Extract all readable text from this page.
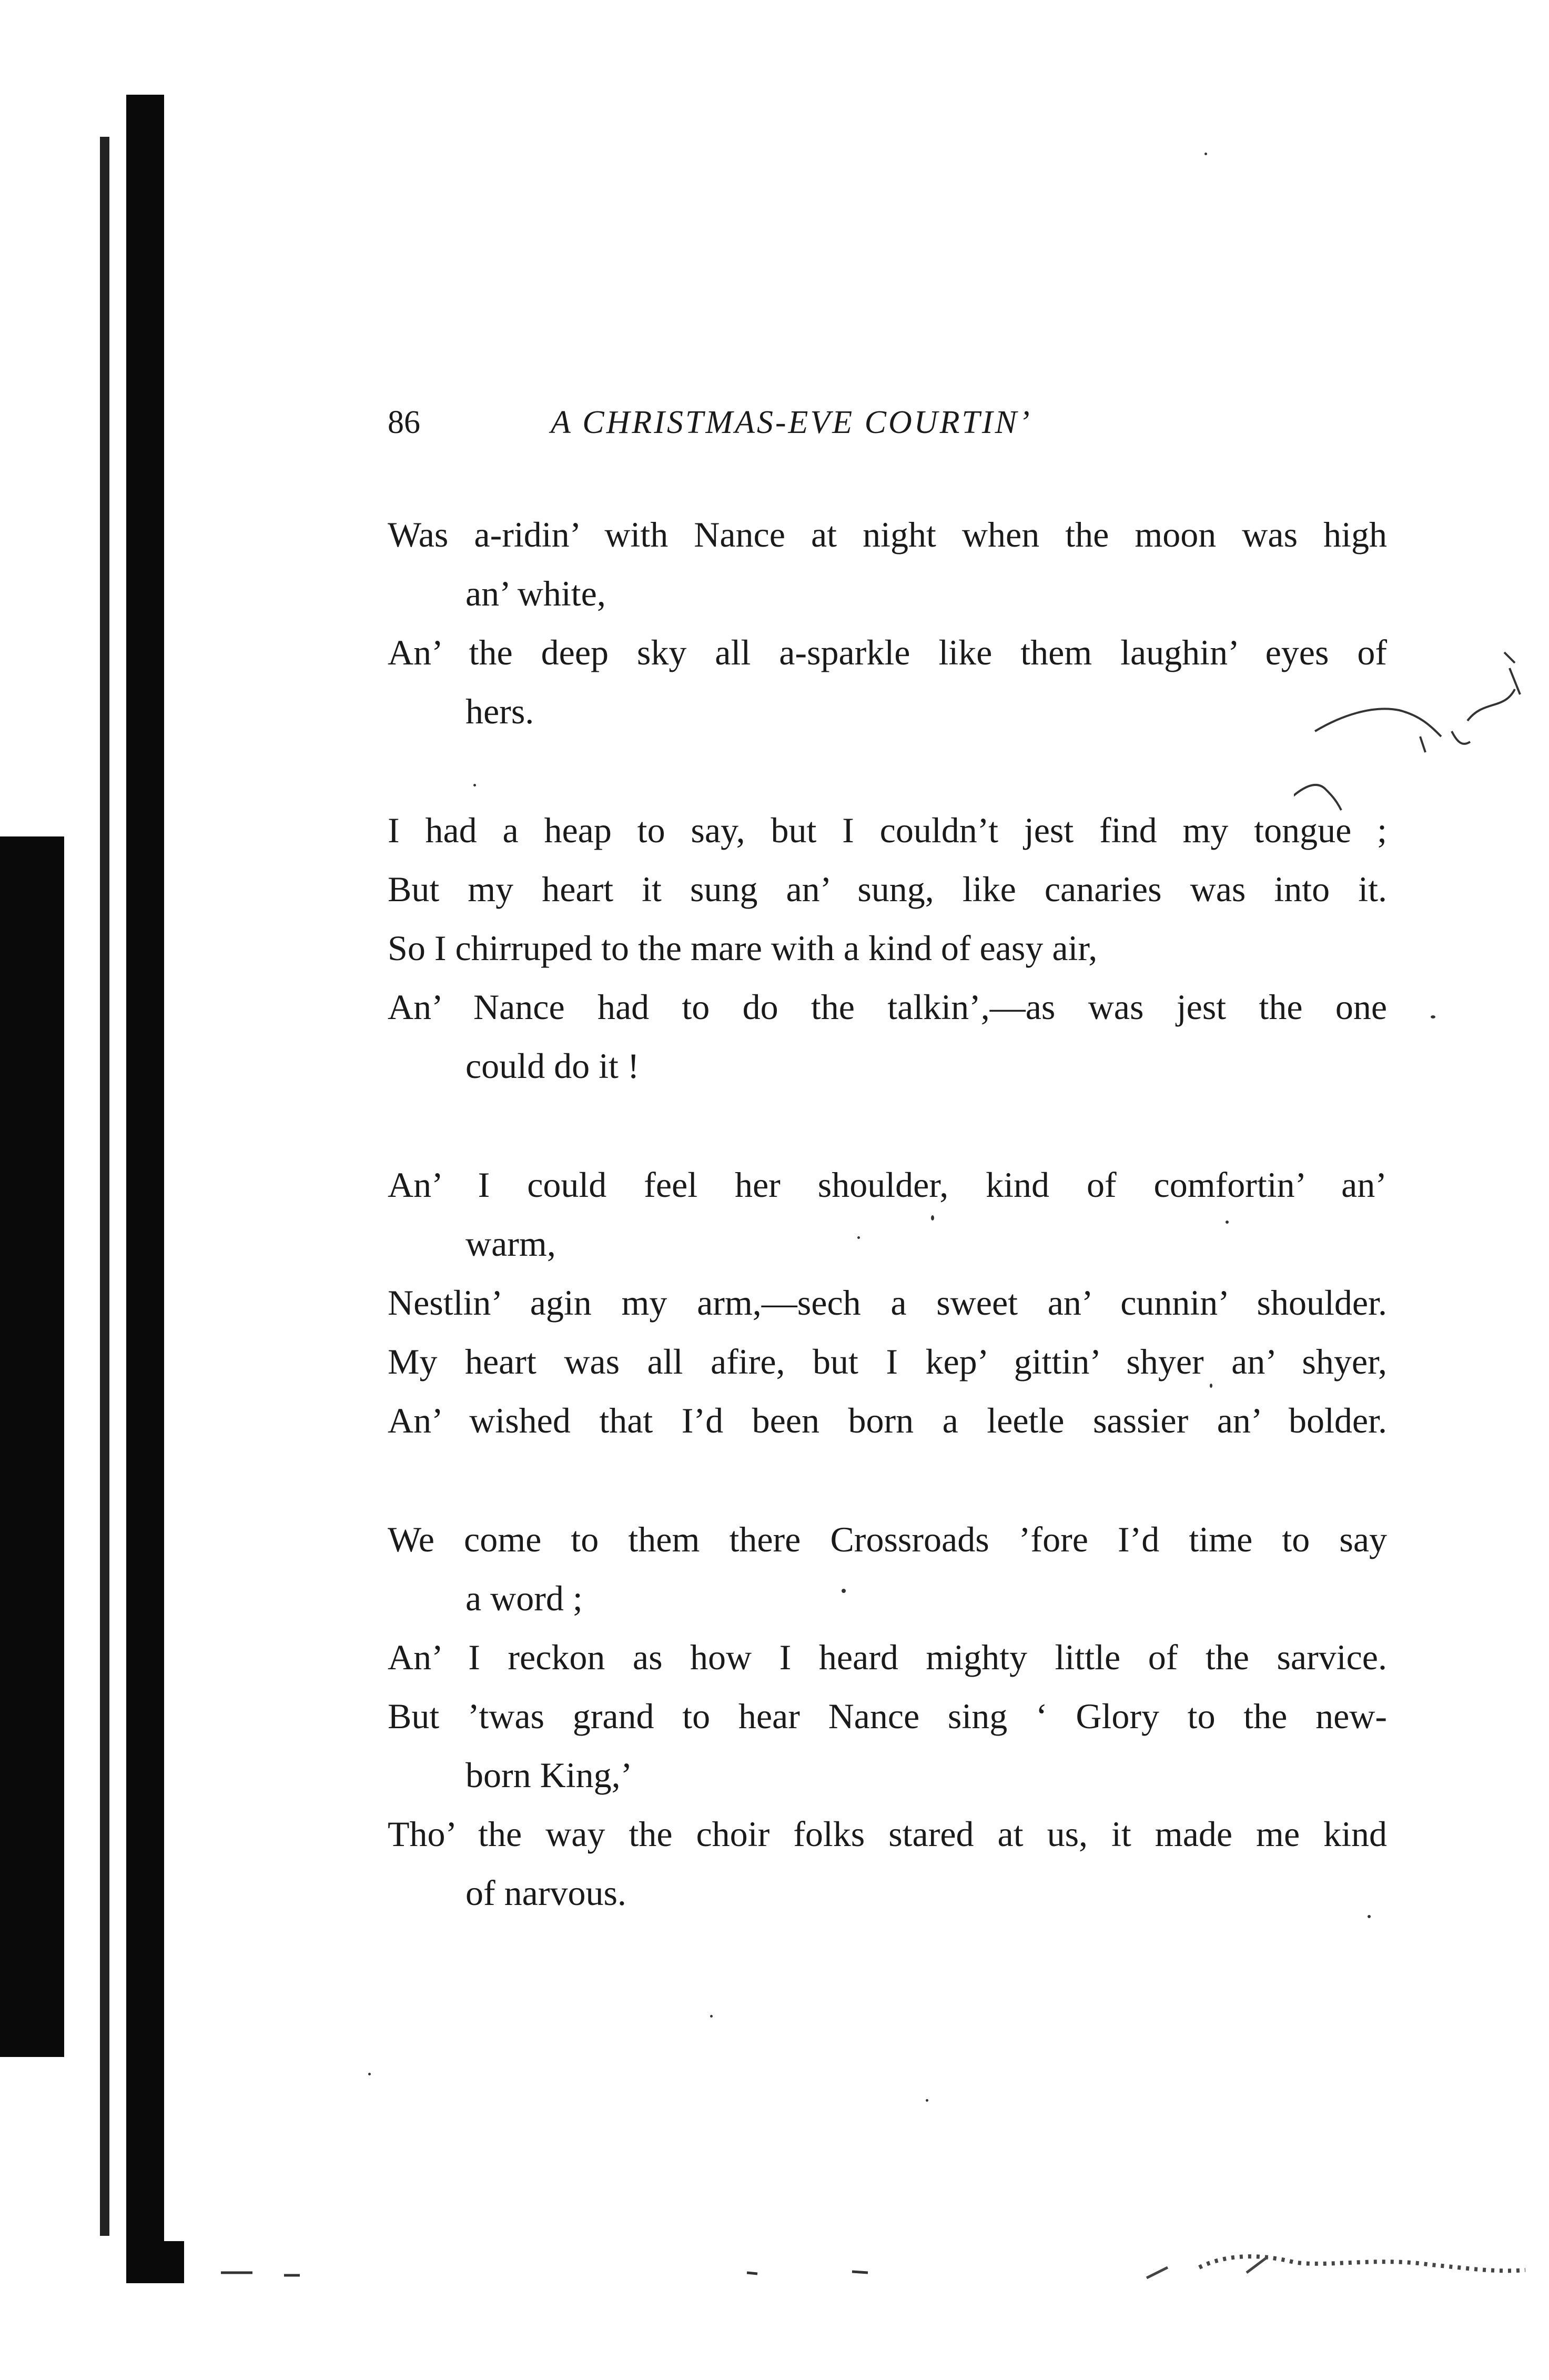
86	A CHRISTMAS-EVE COURTIN’
Was a-ridin’ with Nance at night when the moon was high
an’ white,
An’ the deep sky all a-sparkle like them laughin’ eyes of
hers.
I had a heap to say, but I couldn’t jest find my tongue ;
But my heart it sung an’ sung, like canaries was into it.
So I chirruped to the mare with a kind of easy air,
An’ Nance had to do the talkin’,—as was jest the one
could do it !
An’ I could feel her shoulder, kind of comfortin’ an’
warm,
Nestlin’ agin my arm,—sech a sweet an’ cunnin’ shoulder.
My heart was all afire, but I kep’ gittin’ shyer an’ shyer,
An’ wished that I’d been born a leetle sassier an’ bolder.
We come to them there Crossroads ’fore I’d time to say
a word ;
An’ I reckon as how I heard mighty little of the sarvice.
But ’twas grand to hear Nance sing ‘ Glory to the new-
born King,’
Tho’ the way the choir folks stared at us, it made me kind
of narvous.
